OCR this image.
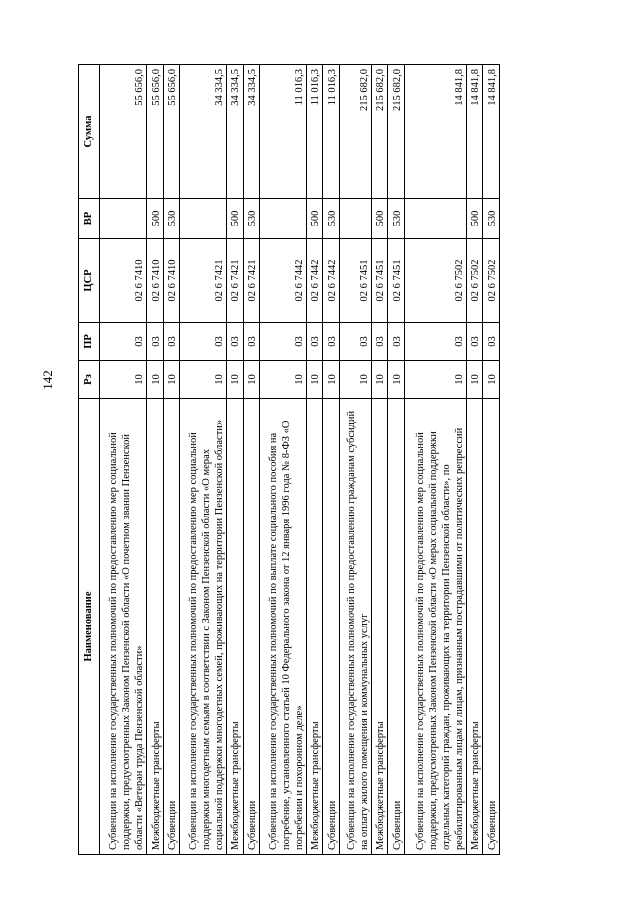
142
Наименование	Рз	ПР	ЦСР	ВР	Сумма
Субвенции на исполнение государственных полномочий по предоставлению мер социальной поддержки, предусмотренных Законом Пензенской области «О почетном звании Пензенской области «Ветеран труда Пензенской области»	10	03	02 6 7410		55 656,0
Межбюджетные трансферты	10	03	02 6 7410	500	55 656,0
Субвенции	10	03	02 6 7410	530	55 656,0
Субвенции на исполнение государственных полномочий по предоставлению мер социальной поддержки многодетным семьям в соответствии с Законом Пензенской области «О мерах социальной поддержки многодетных семей, проживающих на территории Пензенской области»	10	03	02 6 7421		34 334,5
Межбюджетные трансферты	10	03	02 6 7421	500	34 334,5
Субвенции	10	03	02 6 7421	530	34 334,5
Субвенции на исполнение государственных полномочий по выплате социального пособия на погребение, установленного статьей 10 Федерального закона от 12 января 1996 года № 8-ФЗ «О погребении и похоронном деле»	10	03	02 6 7442		11 016,3
Межбюджетные трансферты	10	03	02 6 7442	500	11 016,3
Субвенции	10	03	02 6 7442	530	11 016,3
Субвенции на исполнение государственных полномочий по предоставлению гражданам субсидий на оплату жилого помещения и коммунальных услуг	10	03	02 6 7451		215 682,0
Межбюджетные трансферты	10	03	02 6 7451	500	215 682,0
Субвенции	10	03	02 6 7451	530	215 682,0
Субвенции на исполнение государственных полномочий по предоставлению мер социальной поддержки, предусмотренных Законом Пензенской области «О мерах социальной поддержки отдельных категорий граждан, проживающих на территории Пензенской области», по реабилитированным лицам и лицам, признанным пострадавшими от политических репрессий	10	03	02 6 7502		14 841,8
Межбюджетные трансферты	10	03	02 6 7502	500	14 841,8
Субвенции	10	03	02 6 7502	530	14 841,8
